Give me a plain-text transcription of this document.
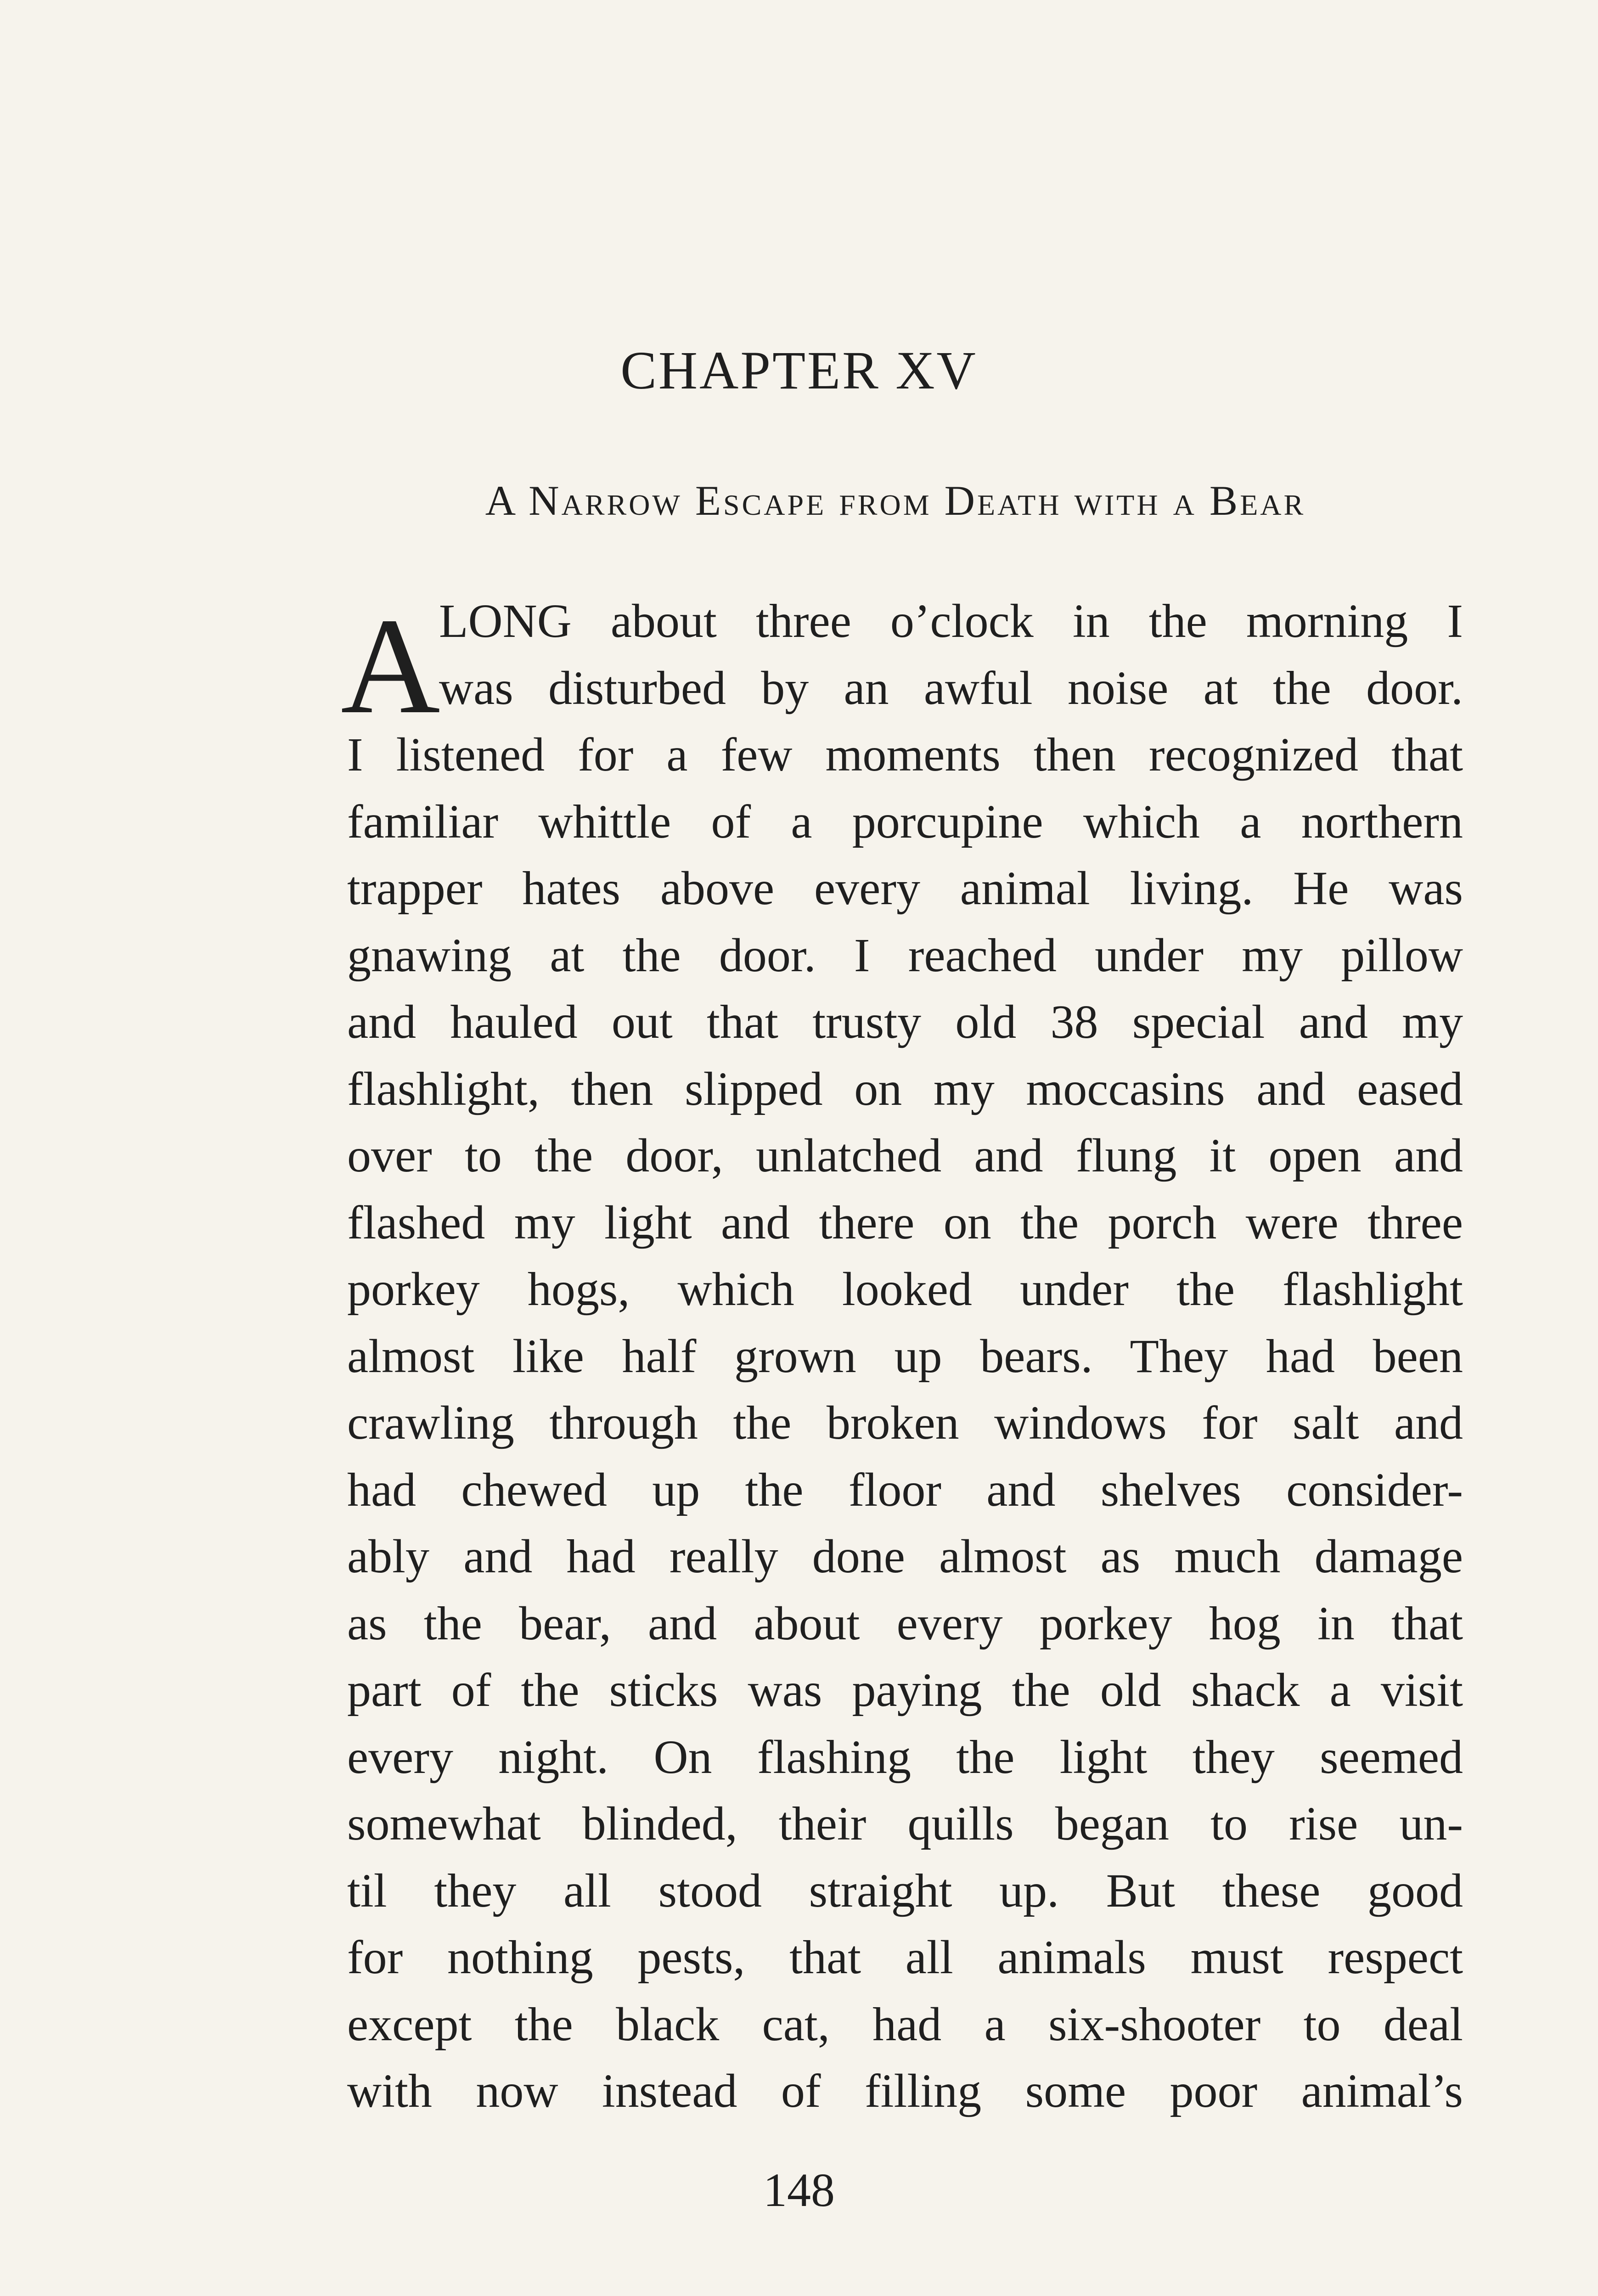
CHAPTER XV
A Narrow Escape from Death with a Bear
A
LONG about three o’clock in the morning I
was disturbed by an awful noise at the door.
I listened for a few moments then recognized that
familiar whittle of a porcupine which a northern
trapper hates above every animal living. He was
gnawing at the door. I reached under my pillow
and hauled out that trusty old 38 special and my
flashlight, then slipped on my moccasins and eased
over to the door, unlatched and flung it open and
flashed my light and there on the porch were three
porkey hogs, which looked under the flashlight
almost like half grown up bears. They had been
crawling through the broken windows for salt and
had chewed up the floor and shelves consider-
ably and had really done almost as much damage
as the bear, and about every porkey hog in that
part of the sticks was paying the old shack a visit
every night. On flashing the light they seemed
somewhat blinded, their quills began to rise un-
til they all stood straight up. But these good
for nothing pests, that all animals must respect
except the black cat, had a six-shooter to deal
with now instead of filling some poor animal’s
148
